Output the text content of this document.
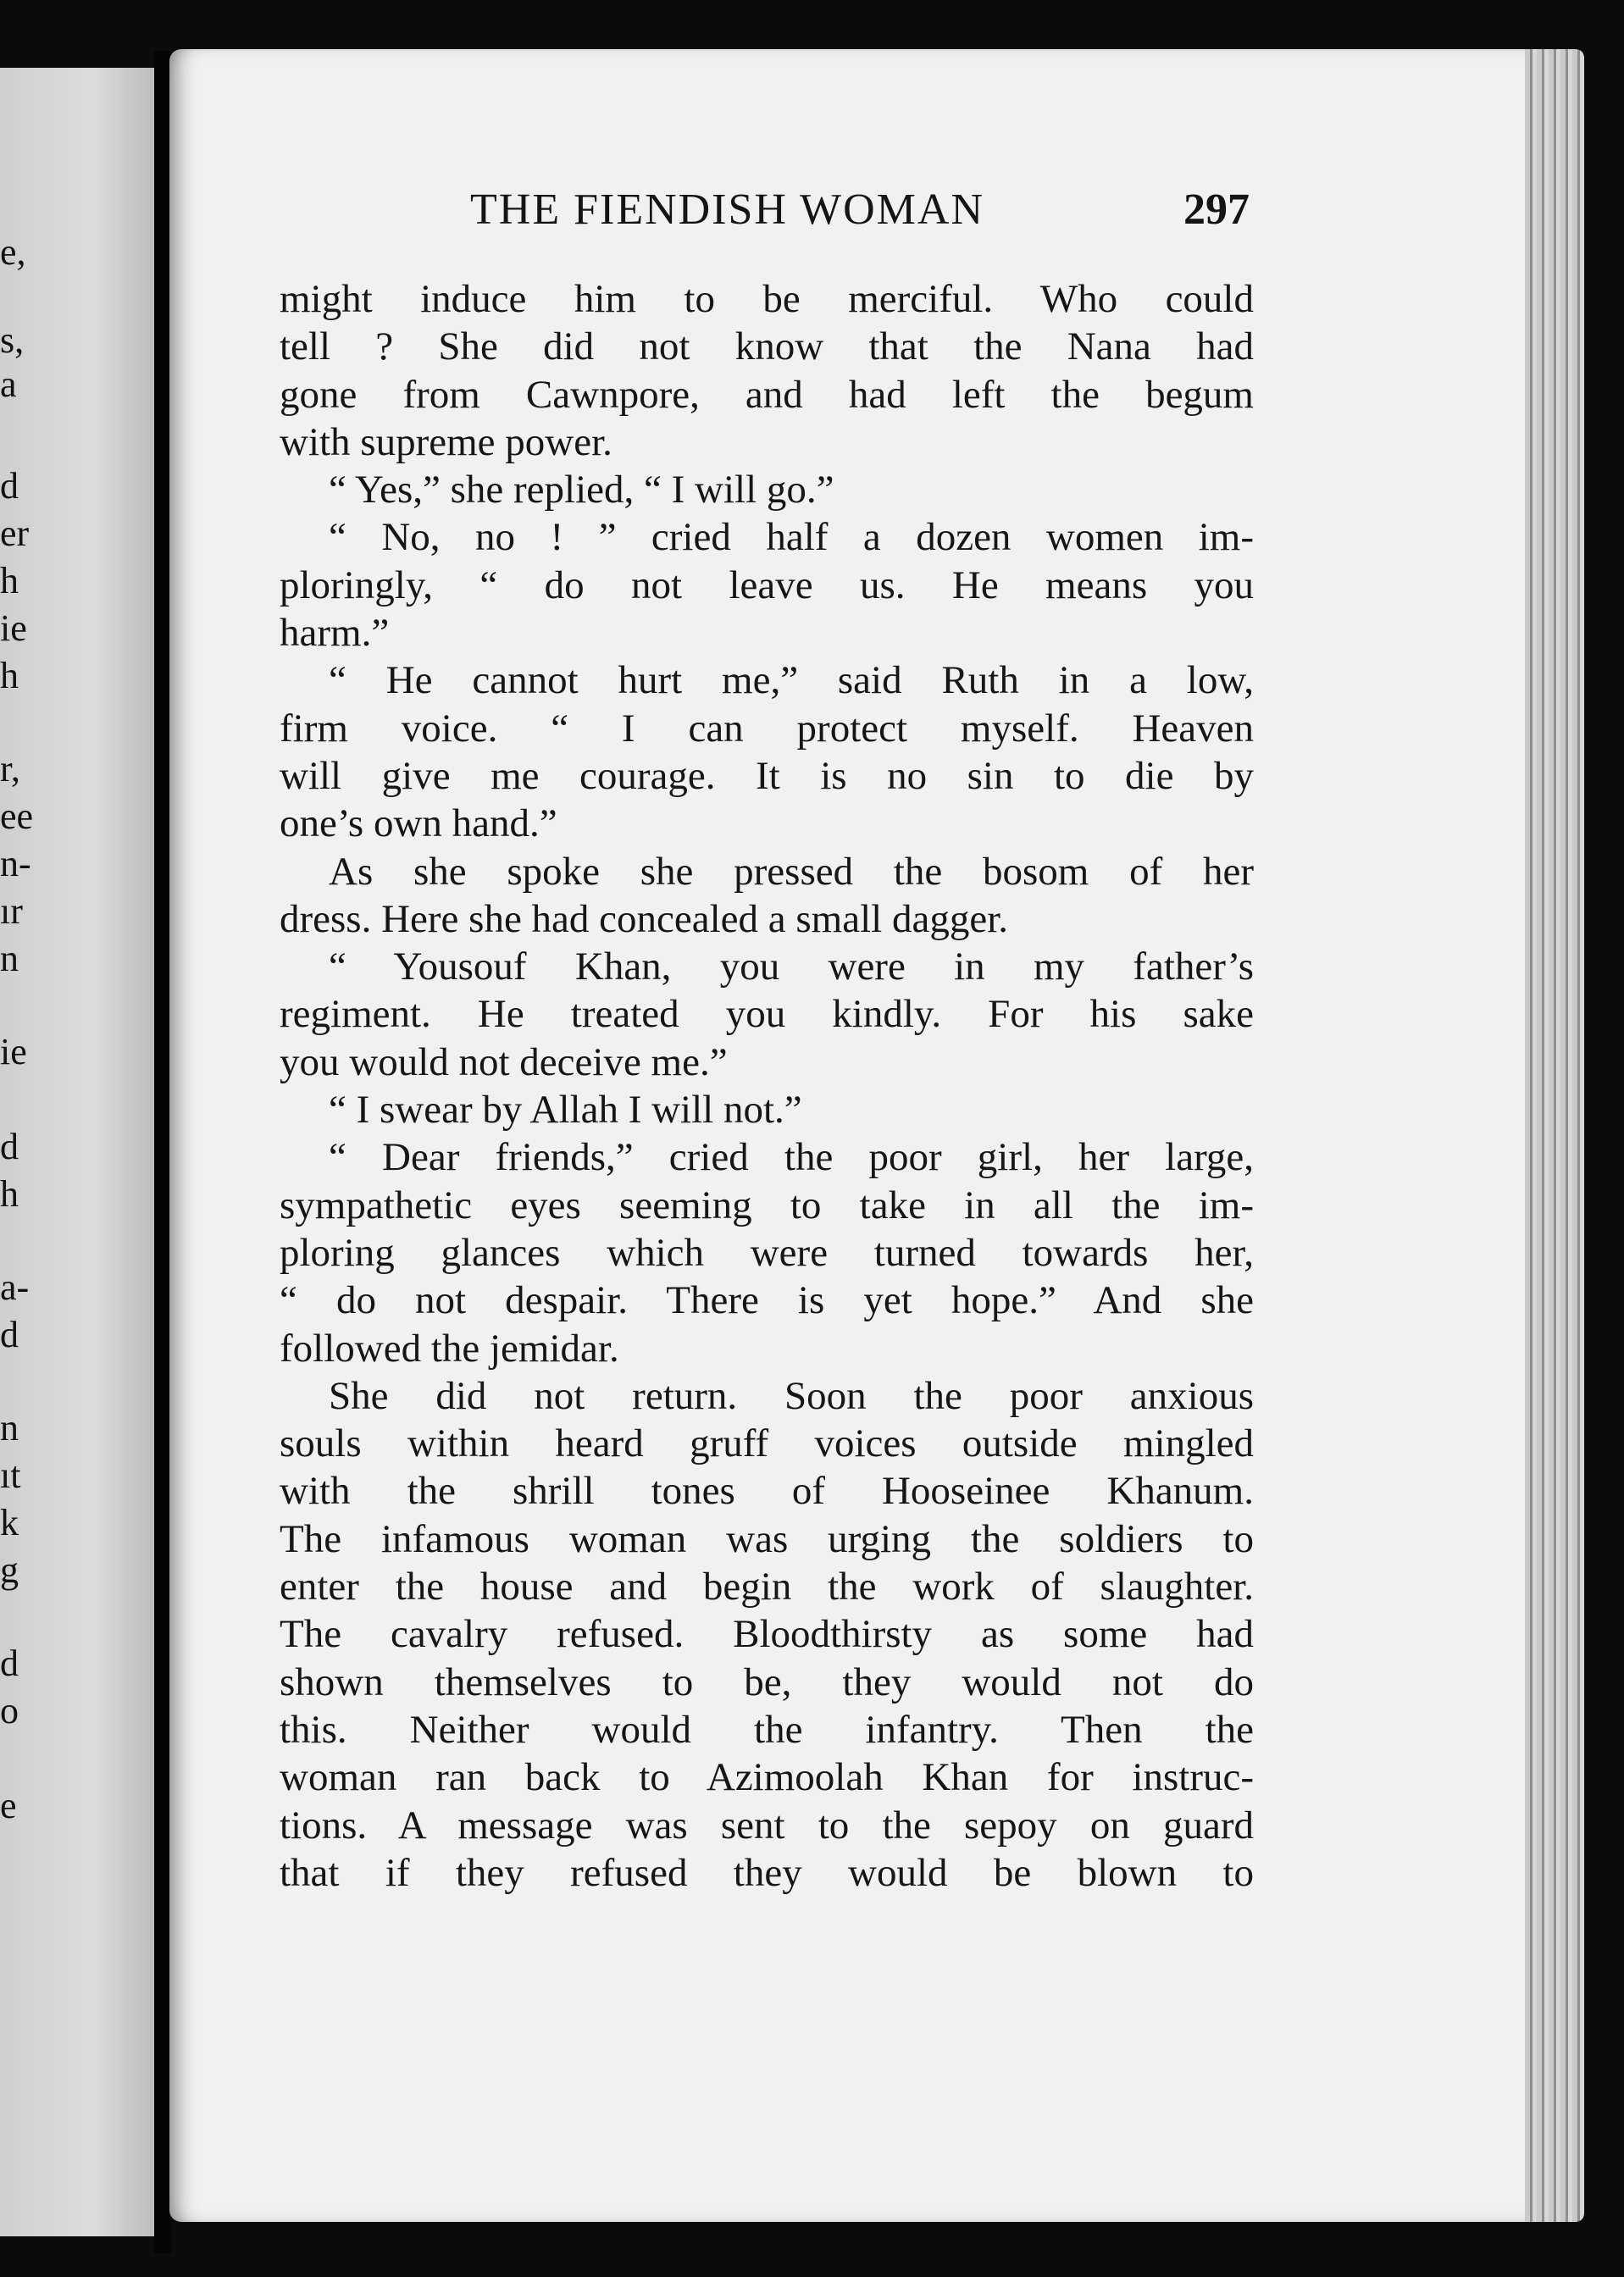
e,
s,
a
d
er
h
ie
h
r,
ee
n-
ır
n
ie
d
h
a-
d
n
ıt
k
g
d
o
e
THE FIENDISH WOMAN	297
might induce him to be merciful. Who could
tell ? She did not know that the Nana had
gone from Cawnpore, and had left the begum
with supreme power.
“ Yes,” she replied, “ I will go.”
“ No, no ! ” cried half a dozen women im-
ploringly, “ do not leave us. He means you
harm.”
“ He cannot hurt me,” said Ruth in a low,
firm voice. “ I can protect myself. Heaven
will give me courage. It is no sin to die by
one’s own hand.”
As she spoke she pressed the bosom of her
dress. Here she had concealed a small dagger.
“ Yousouf Khan, you were in my father’s
regiment. He treated you kindly. For his sake
you would not deceive me.”
“ I swear by Allah I will not.”
“ Dear friends,” cried the poor girl, her large,
sympathetic eyes seeming to take in all the im-
ploring glances which were turned towards her,
“ do not despair. There is yet hope.” And she
followed the jemidar.
She did not return. Soon the poor anxious
souls within heard gruff voices outside mingled
with the shrill tones of Hooseinee Khanum.
The infamous woman was urging the soldiers to
enter the house and begin the work of slaughter.
The cavalry refused. Bloodthirsty as some had
shown themselves to be, they would not do
this. Neither would the infantry. Then the
woman ran back to Azimoolah Khan for instruc-
tions. A message was sent to the sepoy on guard
that if they refused they would be blown to
